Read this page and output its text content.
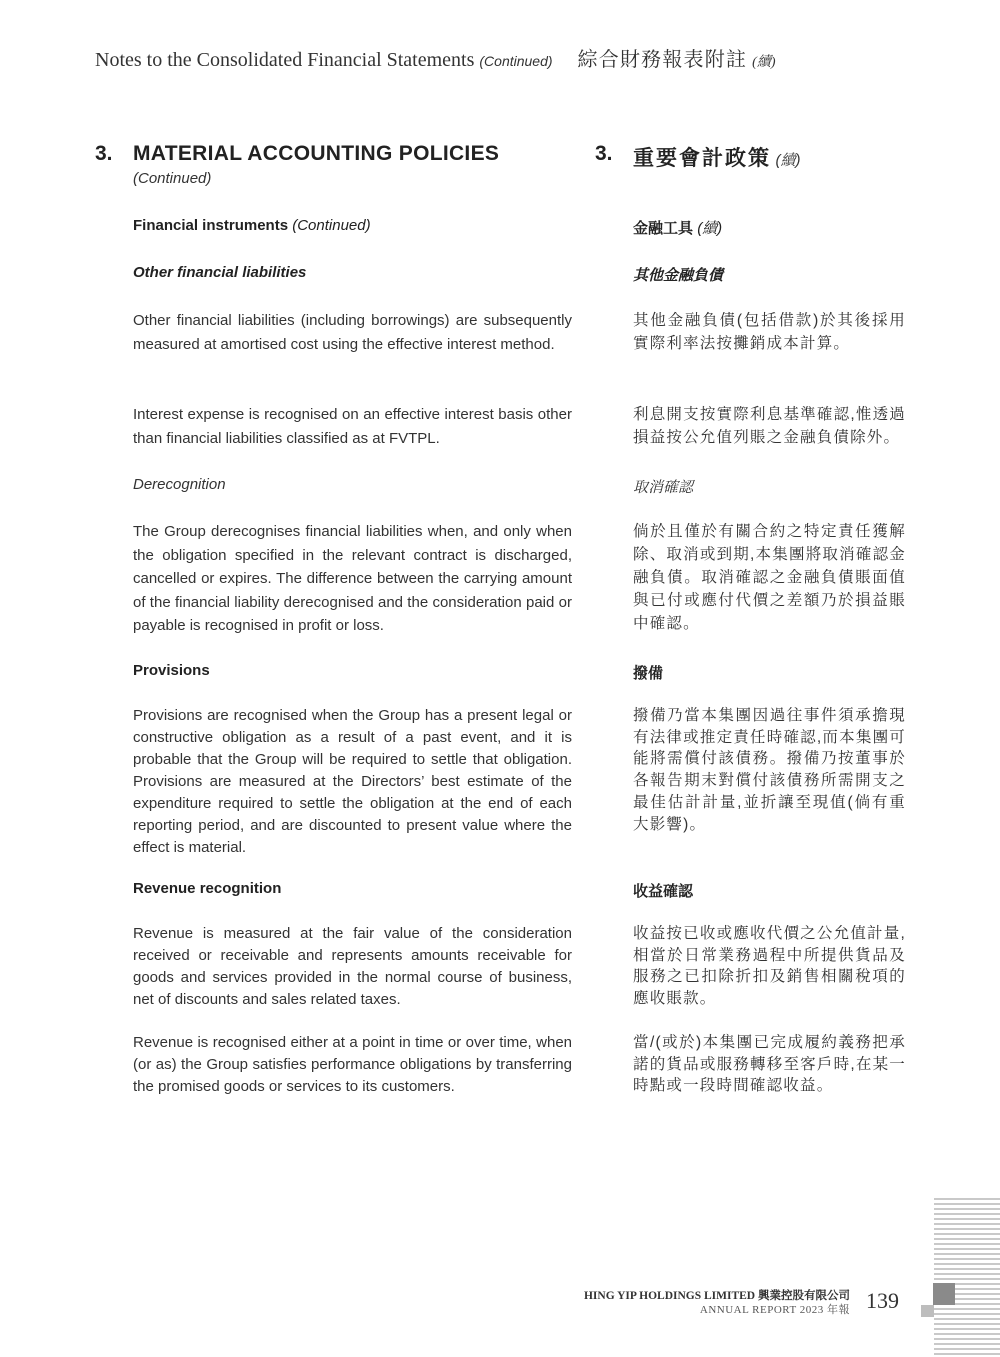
Notes to the Consolidated Financial Statements (Continued) 綜合財務報表附註 (續)
3. MATERIAL ACCOUNTING POLICIES
(Continued)
3. 重要會計政策 (續)
Financial instruments (Continued)	金融工具 (續)
Other financial liabilities	其他金融負債
Other financial liabilities (including borrowings) are subsequently measured at amortised cost using the effective interest method.
其他金融負債(包括借款)於其後採用實際利率法按攤銷成本計算。
Interest expense is recognised on an effective interest basis other than financial liabilities classified as at FVTPL.
利息開支按實際利息基準確認,惟透過損益按公允值列賬之金融負債除外。
Derecognition	取消確認
The Group derecognises financial liabilities when, and only when the obligation specified in the relevant contract is discharged, cancelled or expires. The difference between the carrying amount of the financial liability derecognised and the consideration paid or payable is recognised in profit or loss.
倘於且僅於有關合約之特定責任獲解除、取消或到期,本集團將取消確認金融負債。取消確認之金融負債賬面值與已付或應付代價之差額乃於損益賬中確認。
Provisions	撥備
Provisions are recognised when the Group has a present legal or constructive obligation as a result of a past event, and it is probable that the Group will be required to settle that obligation. Provisions are measured at the Directors’ best estimate of the expenditure required to settle the obligation at the end of each reporting period, and are discounted to present value where the effect is material.
撥備乃當本集團因過往事件須承擔現有法律或推定責任時確認,而本集團可能將需償付該債務。撥備乃按董事於各報告期末對償付該債務所需開支之最佳估計計量,並折讓至現值(倘有重大影響)。
Revenue recognition	收益確認
Revenue is measured at the fair value of the consideration received or receivable and represents amounts receivable for goods and services provided in the normal course of business, net of discounts and sales related taxes.
收益按已收或應收代價之公允值計量,相當於日常業務過程中所提供貨品及服務之已扣除折扣及銷售相關稅項的應收賬款。
Revenue is recognised either at a point in time or over time, when (or as) the Group satisfies performance obligations by transferring the promised goods or services to its customers.
當/(或於)本集團已完成履約義務把承諾的貨品或服務轉移至客戶時,在某一時點或一段時間確認收益。
HING YIP HOLDINGS LIMITED 興業控股有限公司
ANNUAL REPORT 2023 年報 139
